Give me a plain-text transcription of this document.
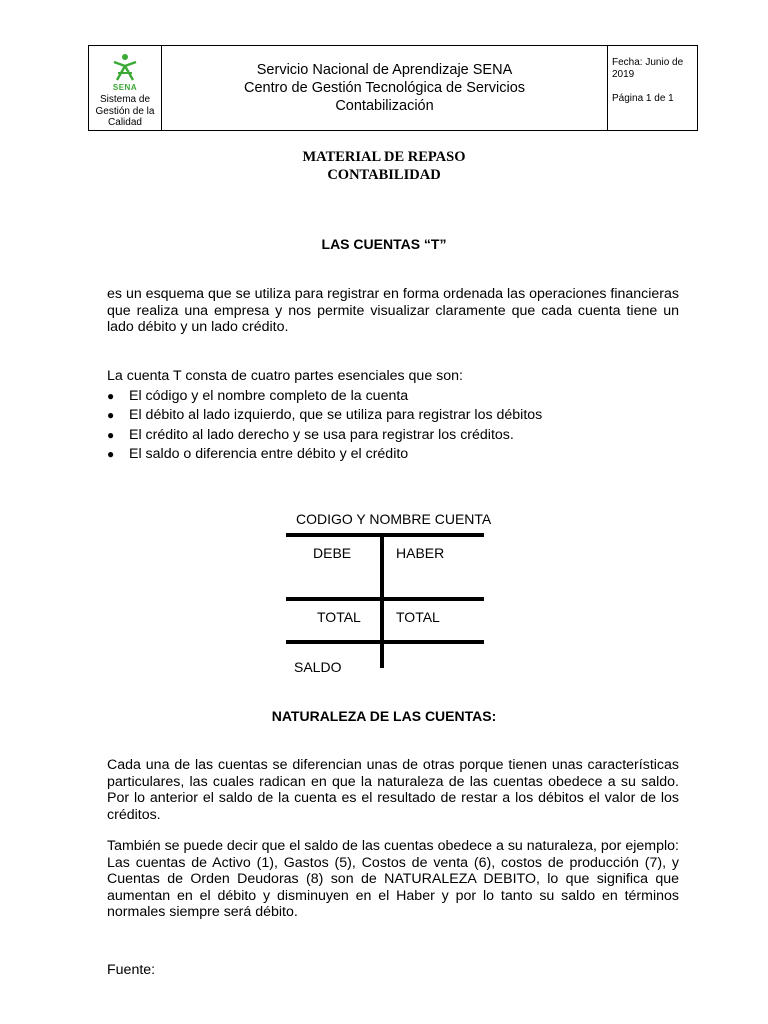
SENA
Sistema de Gestión de la Calidad
Servicio Nacional de Aprendizaje SENA
Centro de Gestión Tecnológica de Servicios
Contabilización
Fecha: Junio de 2019
Página 1 de 1
MATERIAL DE REPASO
CONTABILIDAD
LAS CUENTAS “T”

es un esquema que se utiliza para registrar en forma ordenada las operaciones financieras que realiza una empresa y nos permite visualizar claramente que cada cuenta tiene un lado débito y un lado crédito.

La cuenta T consta de cuatro partes esenciales que son:
●	El código y el nombre completo de la cuenta
●	El débito al lado izquierdo, que se utiliza para registrar los débitos
●	El crédito al lado derecho y se usa para registrar los créditos.
●	El saldo o diferencia entre débito y el crédito
CODIGO Y NOMBRE CUENTA
DEBE	HABER
TOTAL	TOTAL
SALDO
NATURALEZA DE LAS CUENTAS:

Cada una de las cuentas se diferencian unas de otras porque tienen unas características particulares, las cuales radican en que la naturaleza de las cuentas obedece a su saldo. Por lo anterior el saldo de la cuenta es el resultado de restar a los débitos el valor de los créditos.

También se puede decir que el saldo de las cuentas obedece a su naturaleza, por ejemplo: Las cuentas de Activo (1), Gastos (5), Costos de venta (6), costos de producción (7), y Cuentas de Orden Deudoras (8) son de NATURALEZA DEBITO, lo que significa que aumentan en el débito y disminuyen en el Haber y por lo tanto su saldo en términos normales siempre será débito.

Fuente:
